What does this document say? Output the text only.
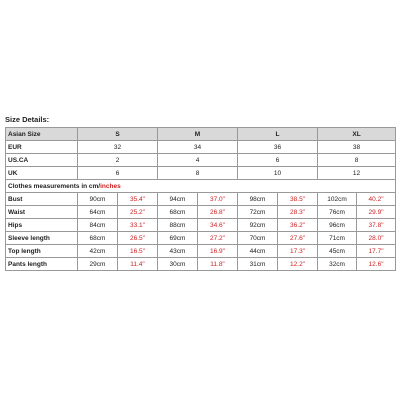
Size Details:
Asian Size	S		M		L		XL	
EUR	32		34		36		38	
US.CA	2		4		6		8	
UK	6		8		10		12	
Clothes measurements in cm/inches								
Bust	90cm	35.4"	94cm	37.0"	98cm	38.5"	102cm	40.2"
Waist	64cm	25.2"	68cm	26.8"	72cm	28.3"	76cm	29.9"
Hips	84cm	33.1"	88cm	34.6"	92cm	36.2"	96cm	37.8"
Sleeve length	68cm	26.5"	69cm	27.2"	70cm	27.6"	71cm	28.0"
Top length	42cm	16.5"	43cm	16.9"	44cm	17.3"	45cm	17.7"
Pants length	29cm	11.4"	30cm	11.8"	31cm	12.2"	32cm	12.6"
